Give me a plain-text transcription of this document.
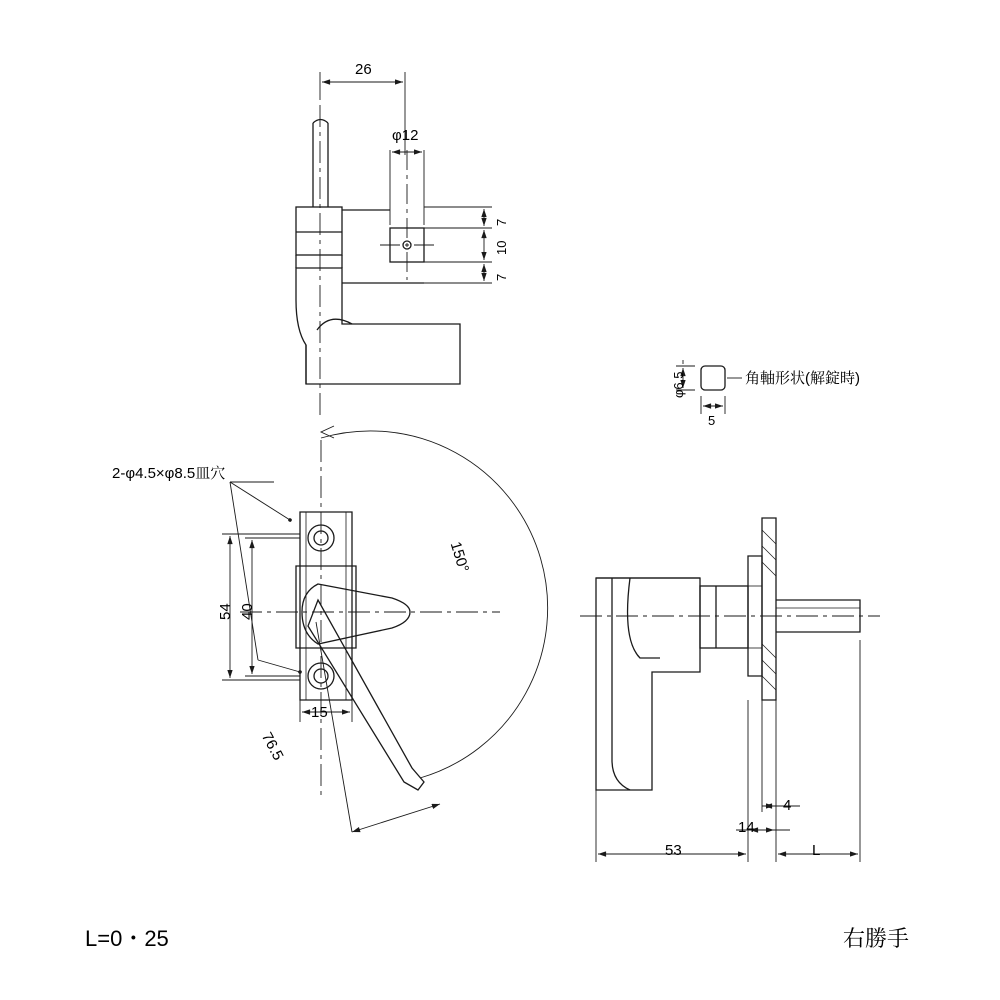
26
φ12
7
10
7
φ6.5
5
角軸形状(解錠時)
2-φ4.5×φ8.5皿穴
54 40
15
76.5
150°
4
14
53	L
L=0・25	右勝手
